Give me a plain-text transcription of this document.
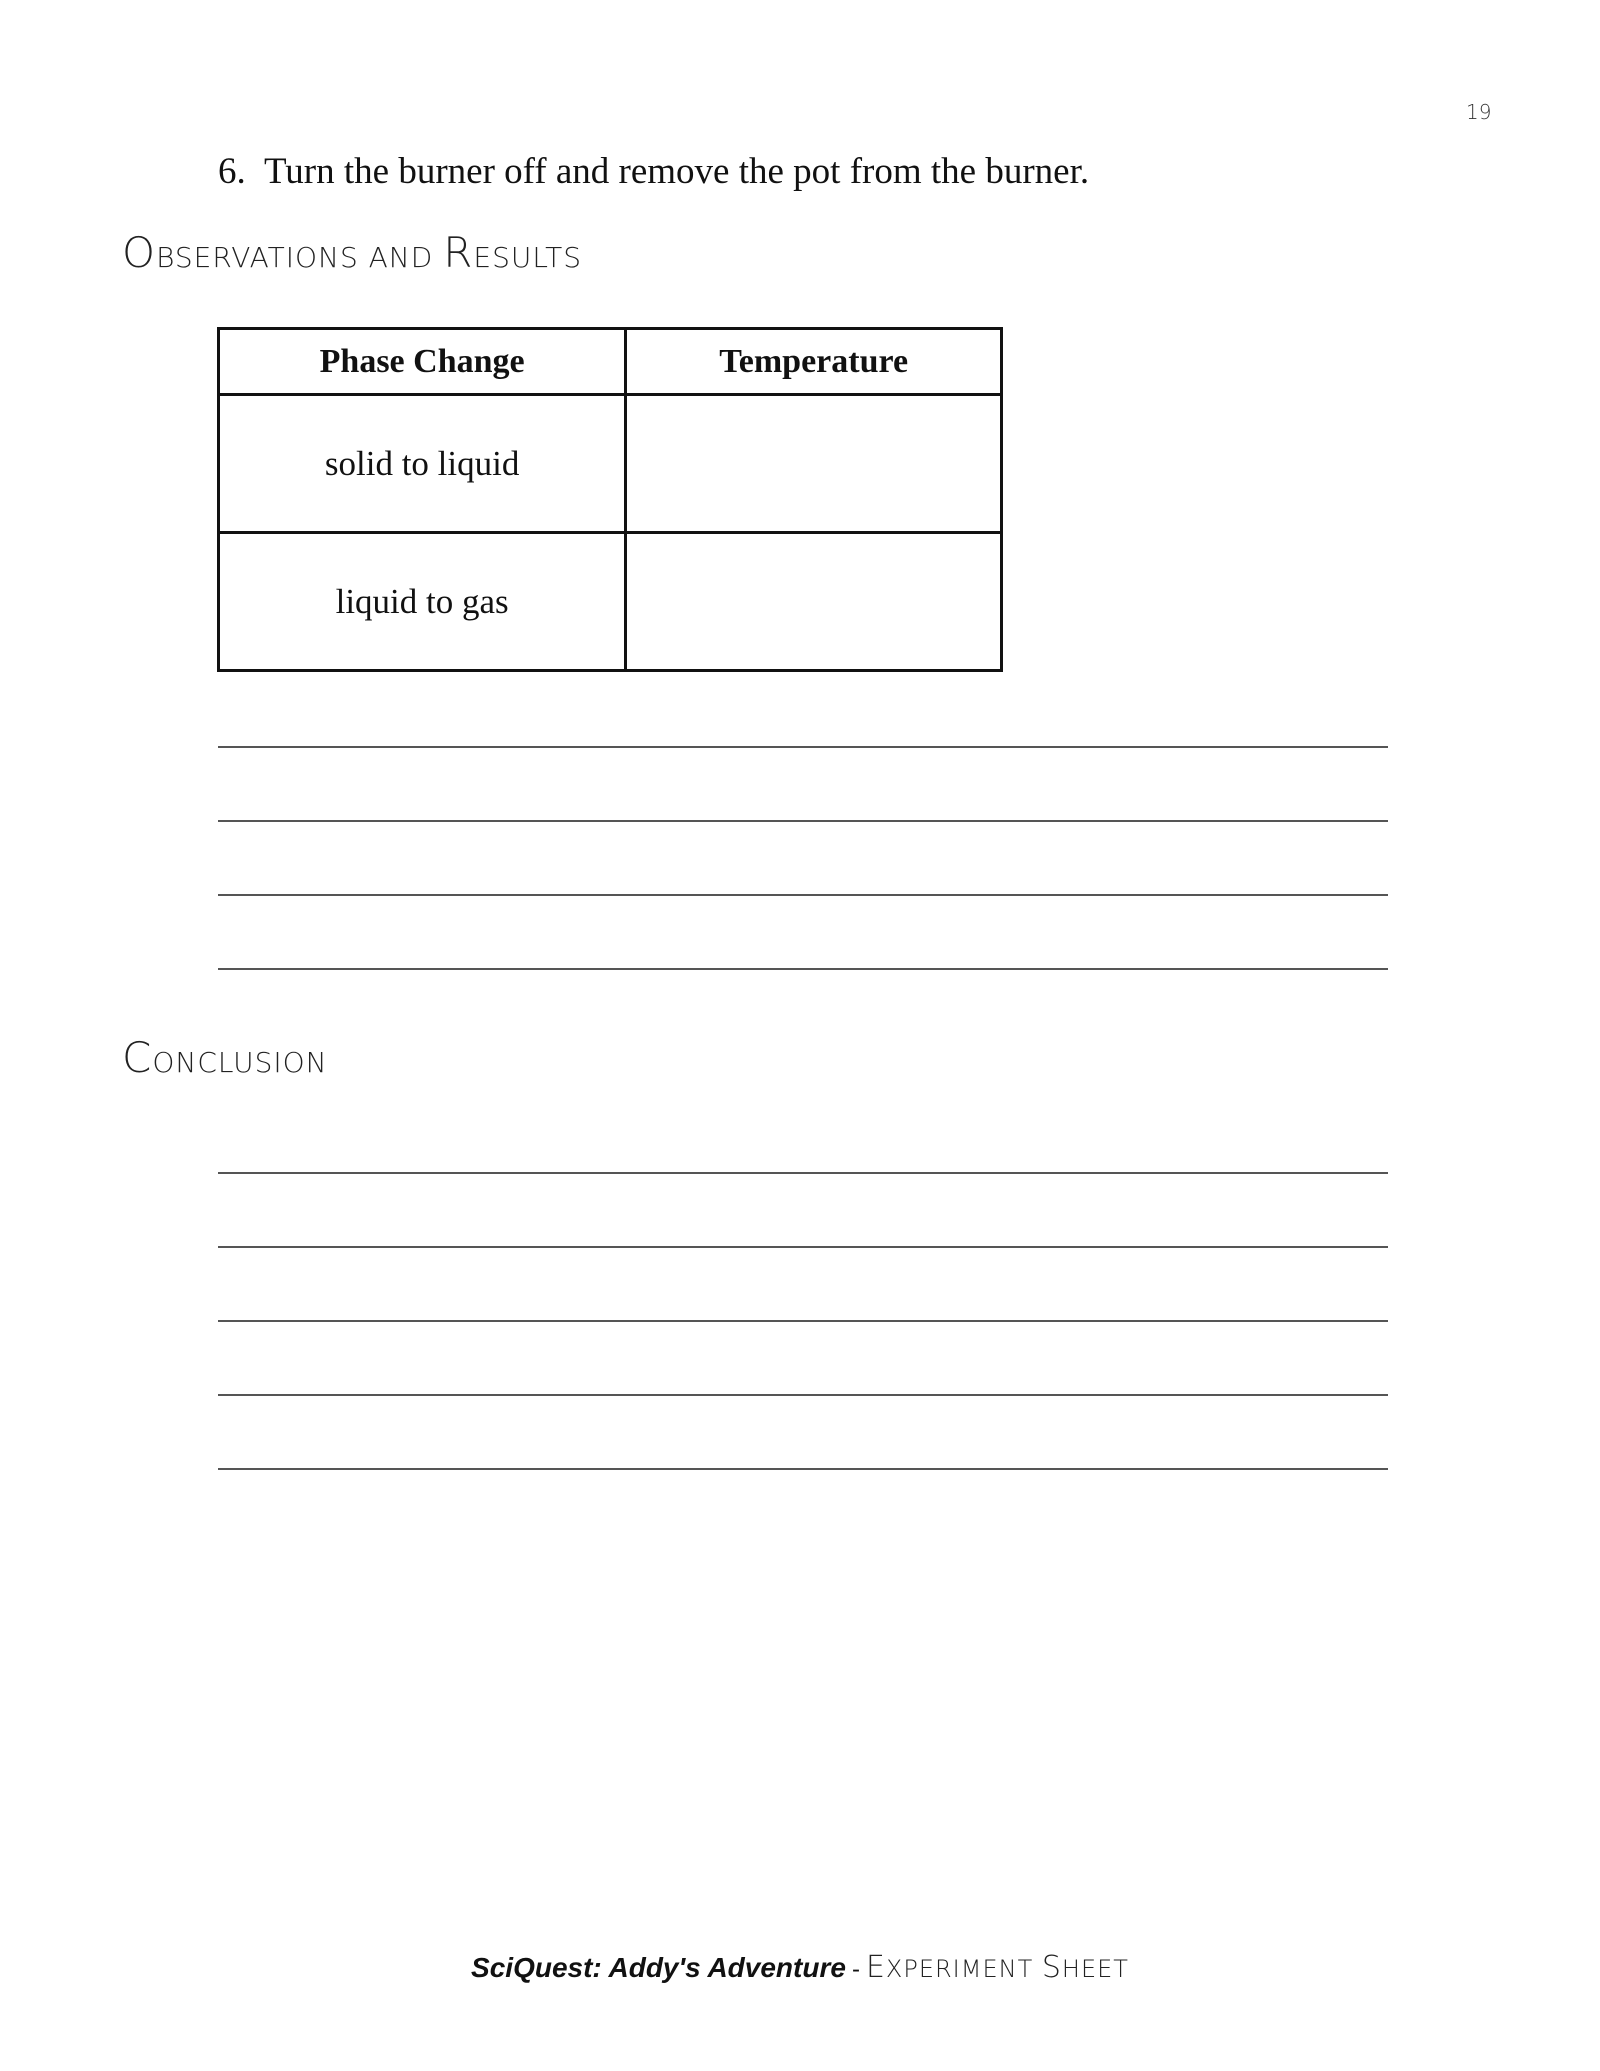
19
6. Turn the burner off and remove the pot from the burner.
OBSERVATIONS AND RESULTS
Phase Change	Temperature
solid to liquid	
liquid to gas	
CONCLUSION
SciQuest: Addy's Adventure - EXPERIMENT SHEET
